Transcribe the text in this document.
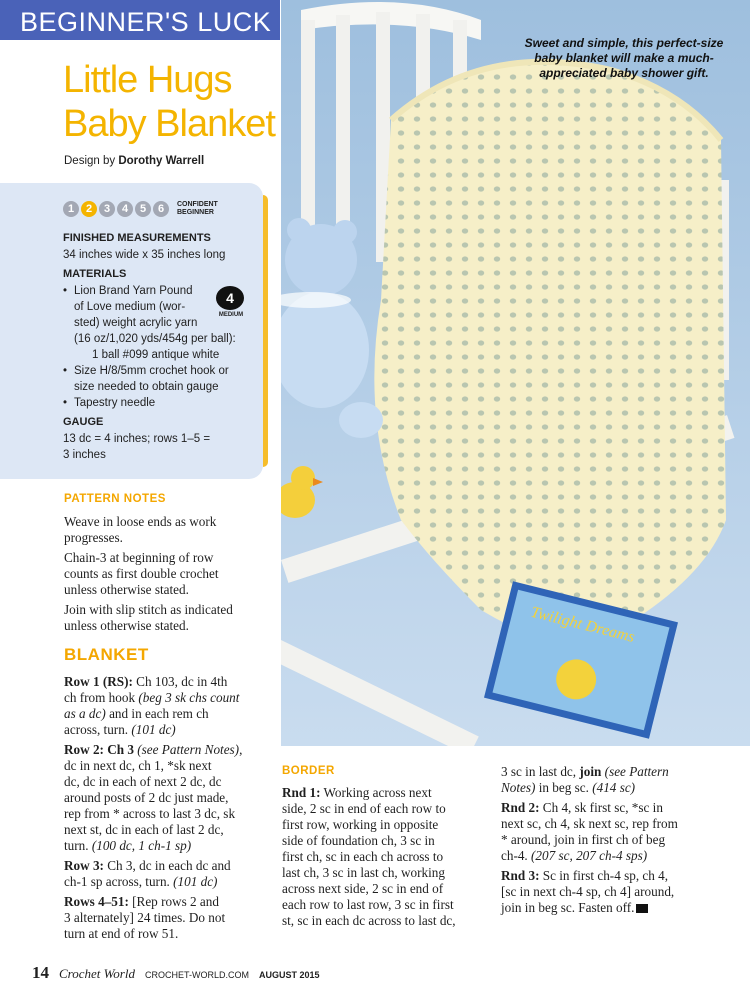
BEGINNER'S LUCK
Little Hugs
Baby Blanket
Design by Dorothy Warrell
1	2	3	4	5	6	CONFIDENT
BEGINNER
FINISHED MEASUREMENTS
34 inches wide x 35 inches long
MATERIALS
• Lion Brand Yarn Pound
of Love medium (wor-
sted) weight acrylic yarn
(16 oz/1,020 yds/454g per ball):
1 ball #099 antique white
• Size H/8/5mm crochet hook or
size needed to obtain gauge
• Tapestry needle
4
MEDIUM
GAUGE
13 dc = 4 inches; rows 1–5 =
3 inches
PATTERN NOTES
Weave in loose ends as work
progresses.
Chain-3 at beginning of row
counts as first double crochet
unless otherwise stated.
Join with slip stitch as indicated
unless otherwise stated.
BLANKET
Row 1 (RS): Ch 103, dc in 4th
ch from hook (beg 3 sk chs count
as a dc) and in each rem ch
across, turn. (101 dc)
Row 2: Ch 3 (see Pattern Notes),
dc in next dc, ch 1, *sk next
dc, dc in each of next 2 dc, dc
around posts of 2 dc just made,
rep from * across to last 3 dc, sk
next st, dc in each of last 2 dc,
turn. (100 dc, 1 ch-1 sp)
Row 3: Ch 3, dc in each dc and
ch-1 sp across, turn. (101 dc)
Rows 4–51: [Rep rows 2 and
3 alternately] 24 times. Do not
turn at end of row 51.
Twilight Dreams
Sweet and simple, this perfect-size
baby blanket will make a much-
appreciated baby shower gift.
BORDER
Rnd 1: Working across next
side, 2 sc in end of each row to
first row, working in opposite
side of foundation ch, 3 sc in
first ch, sc in each ch across to
last ch, 3 sc in last ch, working
across next side, 2 sc in end of
each row to last row, 3 sc in first
st, sc in each dc across to last dc,
3 sc in last dc, join (see Pattern
Notes) in beg sc. (414 sc)
Rnd 2: Ch 4, sk first sc, *sc in
next sc, ch 4, sk next sc, rep from
* around, join in first ch of beg
ch-4. (207 sc, 207 ch-4 sps)
Rnd 3: Sc in first ch-4 sp, ch 4,
[sc in next ch-4 sp, ch 4] around,
join in beg sc. Fasten off.
14 Crochet World CROCHET-WORLD.COM AUGUST 2015
